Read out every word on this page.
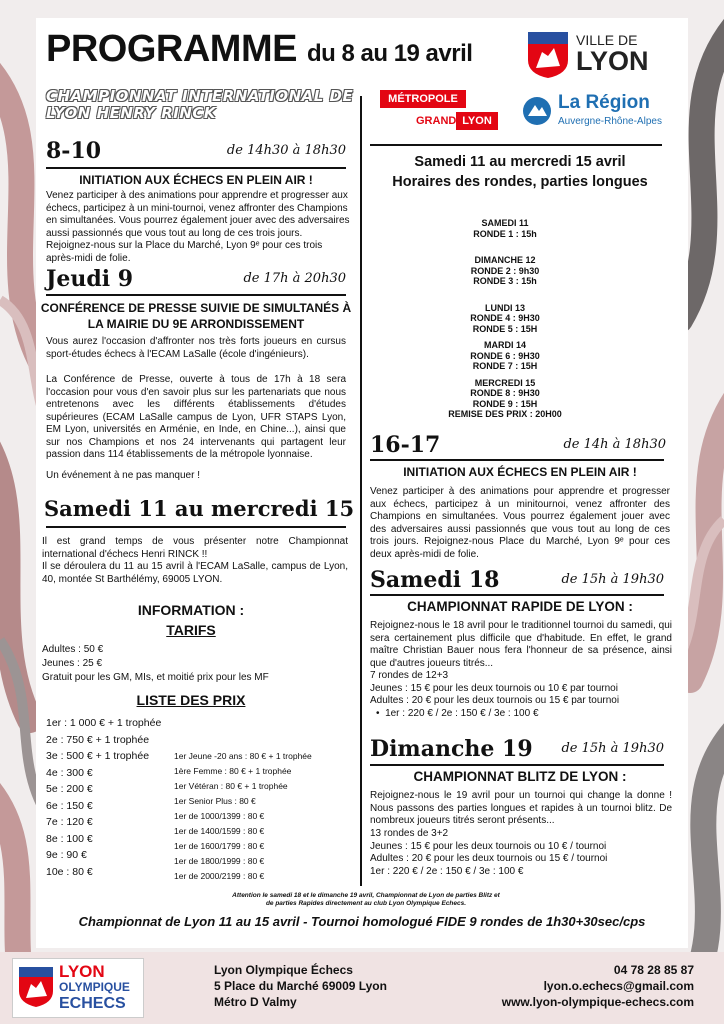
PROGRAMME du 8 au 19 avril
CHAMPIONNAT INTERNATIONAL DE
LYON HENRY RINCK
VILLE DE
LYON
MÉTROPOLE
GRAND LYON
La Région
Auvergne-Rhône-Alpes
8-10	de 14h30 à 18h30
INITIATION AUX ÉCHECS EN PLEIN AIR !
Venez participer à des animations pour apprendre et progresser aux échecs, participez à un mini-tournoi, venez affronter des Champions en simultanées. Vous pourrez également jouer avec des adversaires aussi passionnés que vous tout au long de ces trois jours. Rejoignez-nous sur la Place du Marché, Lyon 9ᵉ pour ces trois après-midi de folie.
Jeudi 9	de 17h à 20h30
CONFÉRENCE DE PRESSE SUIVIE DE SIMULTANÉS À LA MAIRIE DU 9E ARRONDISSEMENT
Vous aurez l'occasion d'affronter nos très forts joueurs en cursus sport-études échecs à l'ECAM LaSalle (école d'ingénieurs).
La Conférence de Presse, ouverte à tous de 17h à 18 sera l'occasion pour vous d'en savoir plus sur les partenariats que nous entretenons avec les différents établissements d'études supérieures (ECAM LaSalle campus de Lyon, UFR STAPS Lyon, EM Lyon, universités en Arménie, en Inde, en Chine...), ainsi que sur nos Champions et nos 24 intervenants qui partagent leur passion dans 114 établissements de la métropole lyonnaise.
Un événement à ne pas manquer !
Samedi 11 au mercredi 15
Il est grand temps de vous présenter notre Championnat international d'échecs Henri RINCK !!
Il se déroulera du 11 au 15 avril à l'ECAM LaSalle, campus de Lyon, 40, montée St Barthélémy, 69005 LYON.
INFORMATION :
TARIFS
Adultes : 50 €
Jeunes : 25 €
Gratuit pour les GM, MIs, et moitié prix pour les MF
LISTE DES PRIX
1er : 1 000 € + 1 trophée
2e : 750 € + 1 trophée
3e : 500 € + 1 trophée
4e : 300 €
5e : 200 €
6e : 150 €
7e : 120 €
8e : 100 €
9e : 90 €
10e : 80 €
1er Jeune -20 ans : 80 € + 1 trophée
1ère Femme : 80 € + 1 trophée
1er Vétéran : 80 € + 1 trophée
1er Senior Plus : 80 €
1er de 1000/1399 : 80 €
1er de 1400/1599 : 80 €
1er de 1600/1799 : 80 €
1er de 1800/1999 : 80 €
1er de 2000/2199 : 80 €
Samedi 11 au mercredi 15 avril
Horaires des rondes, parties longues
SAMEDI 11
RONDE 1 : 15h
DIMANCHE 12
RONDE 2 : 9h30
RONDE 3 : 15h
LUNDI 13
RONDE 4 : 9H30
RONDE 5 : 15H
MARDI 14
RONDE 6 : 9H30
RONDE 7 : 15H
MERCREDI 15
RONDE 8 : 9H30
RONDE 9 : 15H
REMISE DES PRIX : 20H00
16-17	de 14h à 18h30
INITIATION AUX ÉCHECS EN PLEIN AIR !
Venez participer à des animations pour apprendre et progresser aux échecs, participez à un minitournoi, venez affronter des Champions en simultanées. Vous pourrez également jouer avec des adversaires aussi passionnés que vous tout au long de ces trois jours. Rejoignez-nous Place du Marché, Lyon 9ᵉ pour ces deux après-midi de folie.
Samedi 18	de 15h à 19h30
CHAMPIONNAT RAPIDE DE LYON :
Rejoignez-nous le 18 avril pour le traditionnel tournoi du samedi, qui sera certainement plus difficile que d'habitude. En effet, le grand maître Christian Bauer nous fera l'honneur de sa présence, ainsi que d'autres joueurs titrés...
7 rondes de 12+3
Jeunes : 15 € pour les deux tournois ou 10 € par tournoi
Adultes : 20 € pour les deux tournois ou 15 € par tournoi
•  1er : 220 € / 2e : 150 € / 3e : 100 €
Dimanche 19	de 15h à 19h30
CHAMPIONNAT BLITZ DE LYON :
Rejoignez-nous le 19 avril pour un tournoi qui change la donne ! Nous passons des parties longues et rapides à un tournoi blitz. De nombreux joueurs titrés seront présents...
13 rondes de 3+2
Jeunes : 15 € pour les deux tournois ou 10 € / tournoi
Adultes : 20 € pour les deux tournois ou 15 € / tournoi
1er : 220 € / 2e : 150 € / 3e : 100 €
Attention le samedi 18 et le dimanche 19 avril, Championnat de Lyon de parties Blitz et
de parties Rapides directement au club Lyon Olympique Echecs.
Championnat de Lyon 11 au 15 avril - Tournoi homologué FIDE 9 rondes de 1h30+30sec/cps
LYON
OLYMPIQUE
ECHECS
Lyon Olympique Échecs
5 Place du Marché 69009 Lyon
Métro D Valmy
04 78 28 85 87
lyon.o.echecs@gmail.com
www.lyon-olympique-echecs.com
